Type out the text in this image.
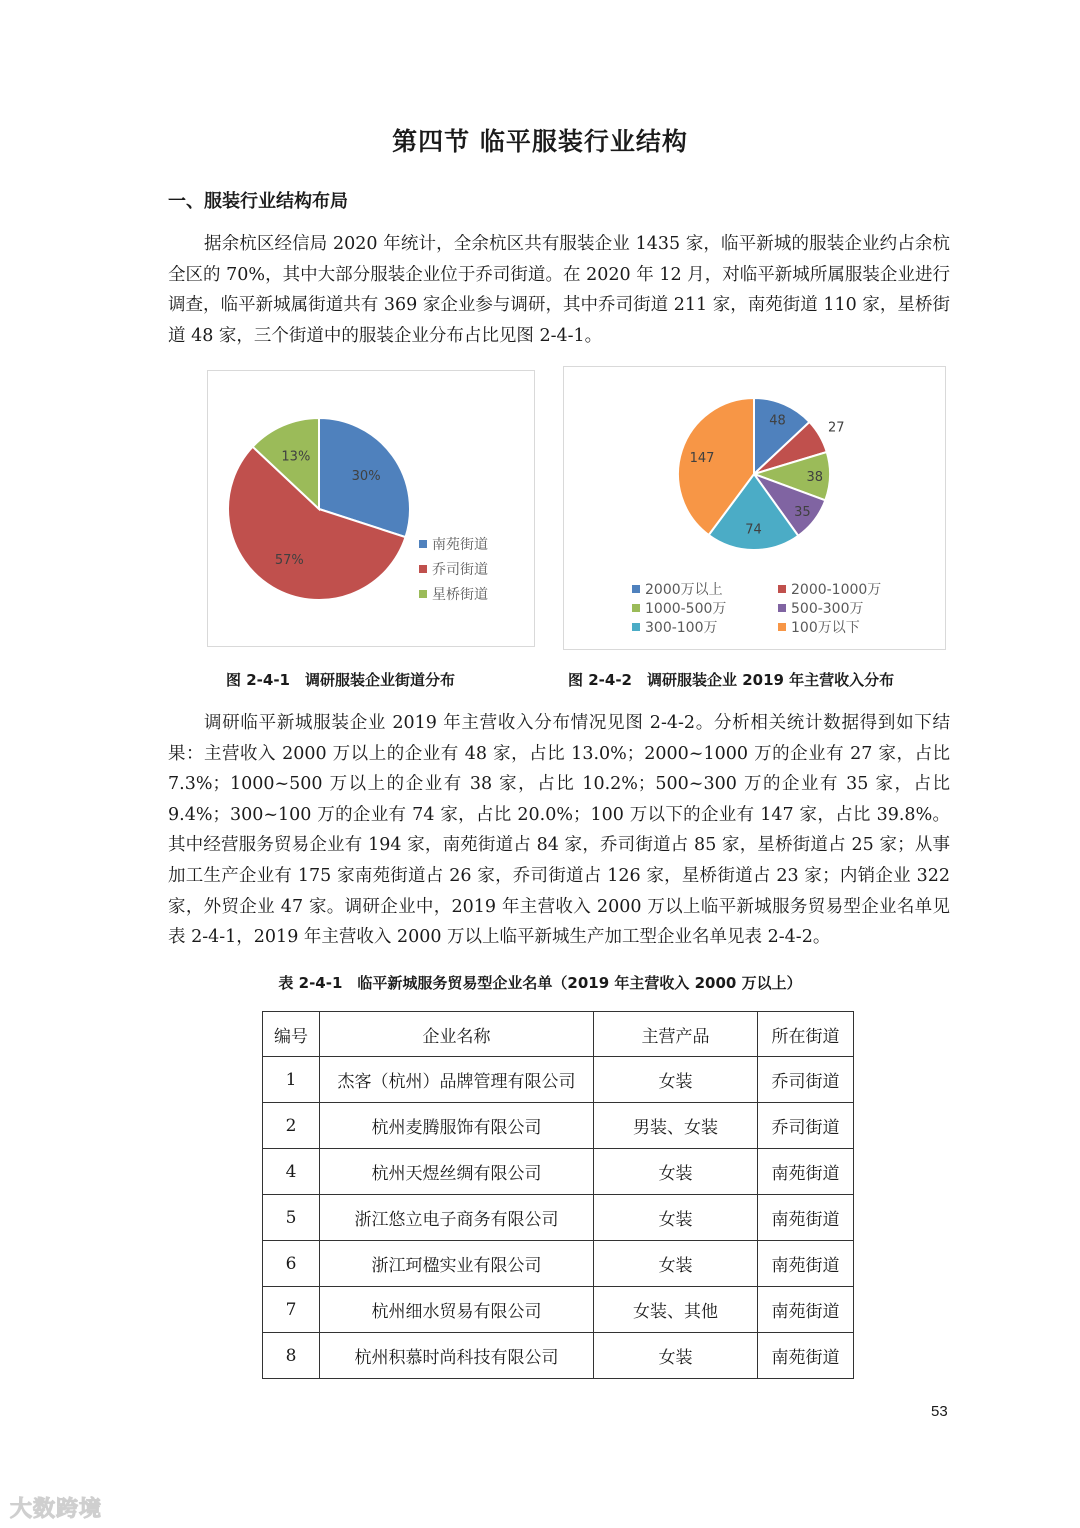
第四节 临平服装行业结构
一、服装行业结构布局

据余杭区经信局 2020 年统计，全余杭区共有服装企业 1435 家，临平新城的服装企业约占余杭全区的 70%，其中大部分服装企业位于乔司街道。在 2020 年 12 月，对临平新城所属服装企业进行调查，临平新城属街道共有 369 家企业参与调研，其中乔司街道 211 家，南苑街道 110 家，星桥街道 48 家，三个街道中的服装企业分布占比见图 2-4-1。

30%
57%
13%
南苑街道
乔司街道
星桥街道
48	27
38
35
74
147
2000万以上	2000-1000万
1000-500万	500-300万
300-100万	100万以下
图 2-4-1　调研服装企业街道分布	图 2-4-2　调研服装企业 2019 年主营收入分布

调研临平新城服装企业 2019 年主营收入分布情况见图 2-4-2。分析相关统计数据得到如下结果：主营收入 2000 万以上的企业有 48 家，占比 13.0%；2000~1000 万的企业有 27 家，占比 7.3%；1000~500 万以上的企业有 38 家，占比 10.2%；500~300 万的企业有 35 家，占比 9.4%；300~100 万的企业有 74 家，占比 20.0%；100 万以下的企业有 147 家，占比 39.8%。其中经营服务贸易企业有 194 家，南苑街道占 84 家，乔司街道占 85 家，星桥街道占 25 家；从事加工生产企业有 175 家南苑街道占 26 家，乔司街道占 126 家，星桥街道占 23 家；内销企业 322 家，外贸企业 47 家。调研企业中，2019 年主营收入 2000 万以上临平新城服务贸易型企业名单见表 2-4-1，2019 年主营收入 2000 万以上临平新城生产加工型企业名单见表 2-4-2。

表 2-4-1　临平新城服务贸易型企业名单（2019 年主营收入 2000 万以上）
编号	企业名称	主营产品	所在街道
1	杰客（杭州）品牌管理有限公司	女装	乔司街道
2	杭州麦腾服饰有限公司	男装、女装	乔司街道
4	杭州天煜丝绸有限公司	女装	南苑街道
5	浙江悠立电子商务有限公司	女装	南苑街道
6	浙江珂楹实业有限公司	女装	南苑街道
7	杭州细水贸易有限公司	女装、其他	南苑街道
8	杭州积慕时尚科技有限公司	女装	南苑街道
53
大数跨境
